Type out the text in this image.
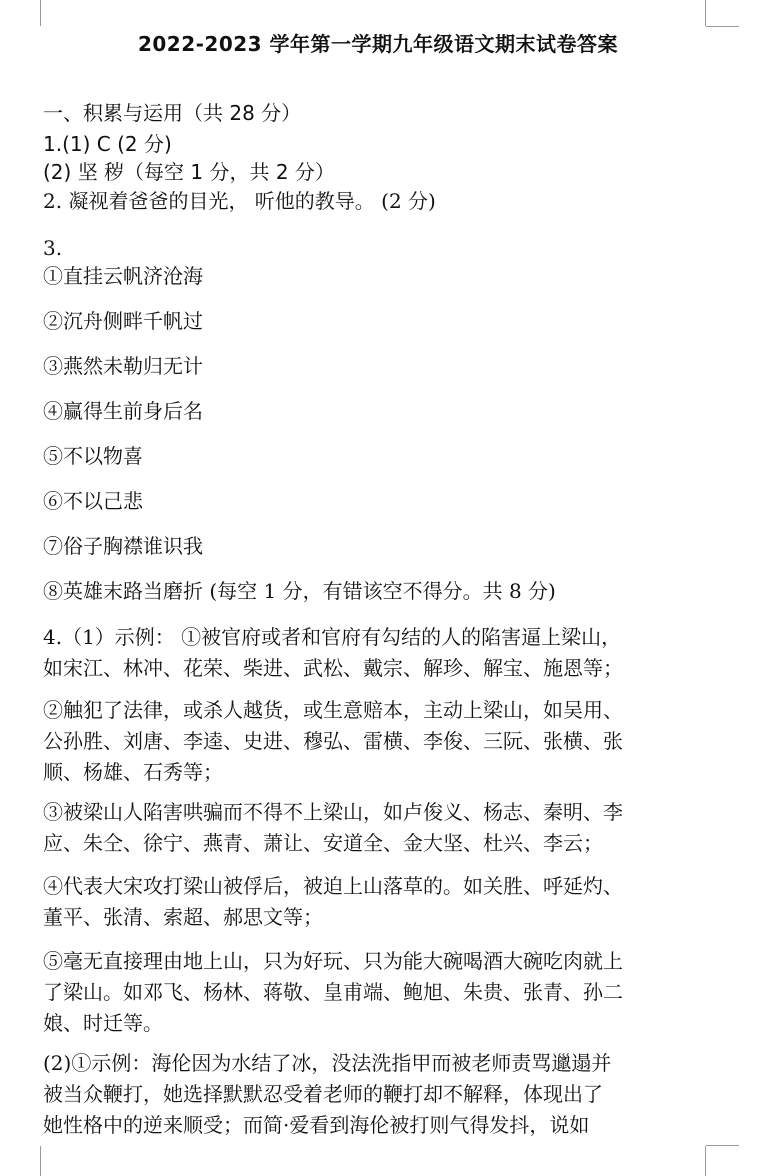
2022-2023 学年第一学期九年级语文期末试卷答案
一、积累与运用（共 28 分）
1.(1) C (2 分)
(2) 坚 秽（每空 1 分，共 2 分）
2. 凝视着爸爸的目光， 听他的教导。 (2 分)
3.
①直挂云帆济沧海
②沉舟侧畔千帆过
③燕然未勒归无计
④赢得生前身后名
⑤不以物喜
⑥不以己悲
⑦俗子胸襟谁识我
⑧英雄末路当磨折 (每空 1 分，有错该空不得分。共 8 分)
4.（1）示例： ①被官府或者和官府有勾结的人的陷害逼上梁山，
如宋江、林冲、花荣、柴进、武松、戴宗、解珍、解宝、施恩等；
②触犯了法律，或杀人越货，或生意赔本，主动上梁山，如吴用、
公孙胜、刘唐、李逵、史进、穆弘、雷横、李俊、三阮、张横、张
顺、杨雄、石秀等；
③被梁山人陷害哄骗而不得不上梁山，如卢俊义、杨志、秦明、李
应、朱仝、徐宁、燕青、萧让、安道全、金大坚、杜兴、李云；
④代表大宋攻打梁山被俘后，被迫上山落草的。如关胜、呼延灼、
董平、张清、索超、郝思文等；
⑤毫无直接理由地上山，只为好玩、只为能大碗喝酒大碗吃肉就上
了梁山。如邓飞、杨林、蒋敬、皇甫端、鲍旭、朱贵、张青、孙二
娘、时迁等。
(2)①示例：海伦因为水结了冰，没法洗指甲而被老师责骂邋遢并
被当众鞭打，她选择默默忍受着老师的鞭打却不解释，体现出了
她性格中的逆来顺受；而简·爱看到海伦被打则气得发抖，说如
